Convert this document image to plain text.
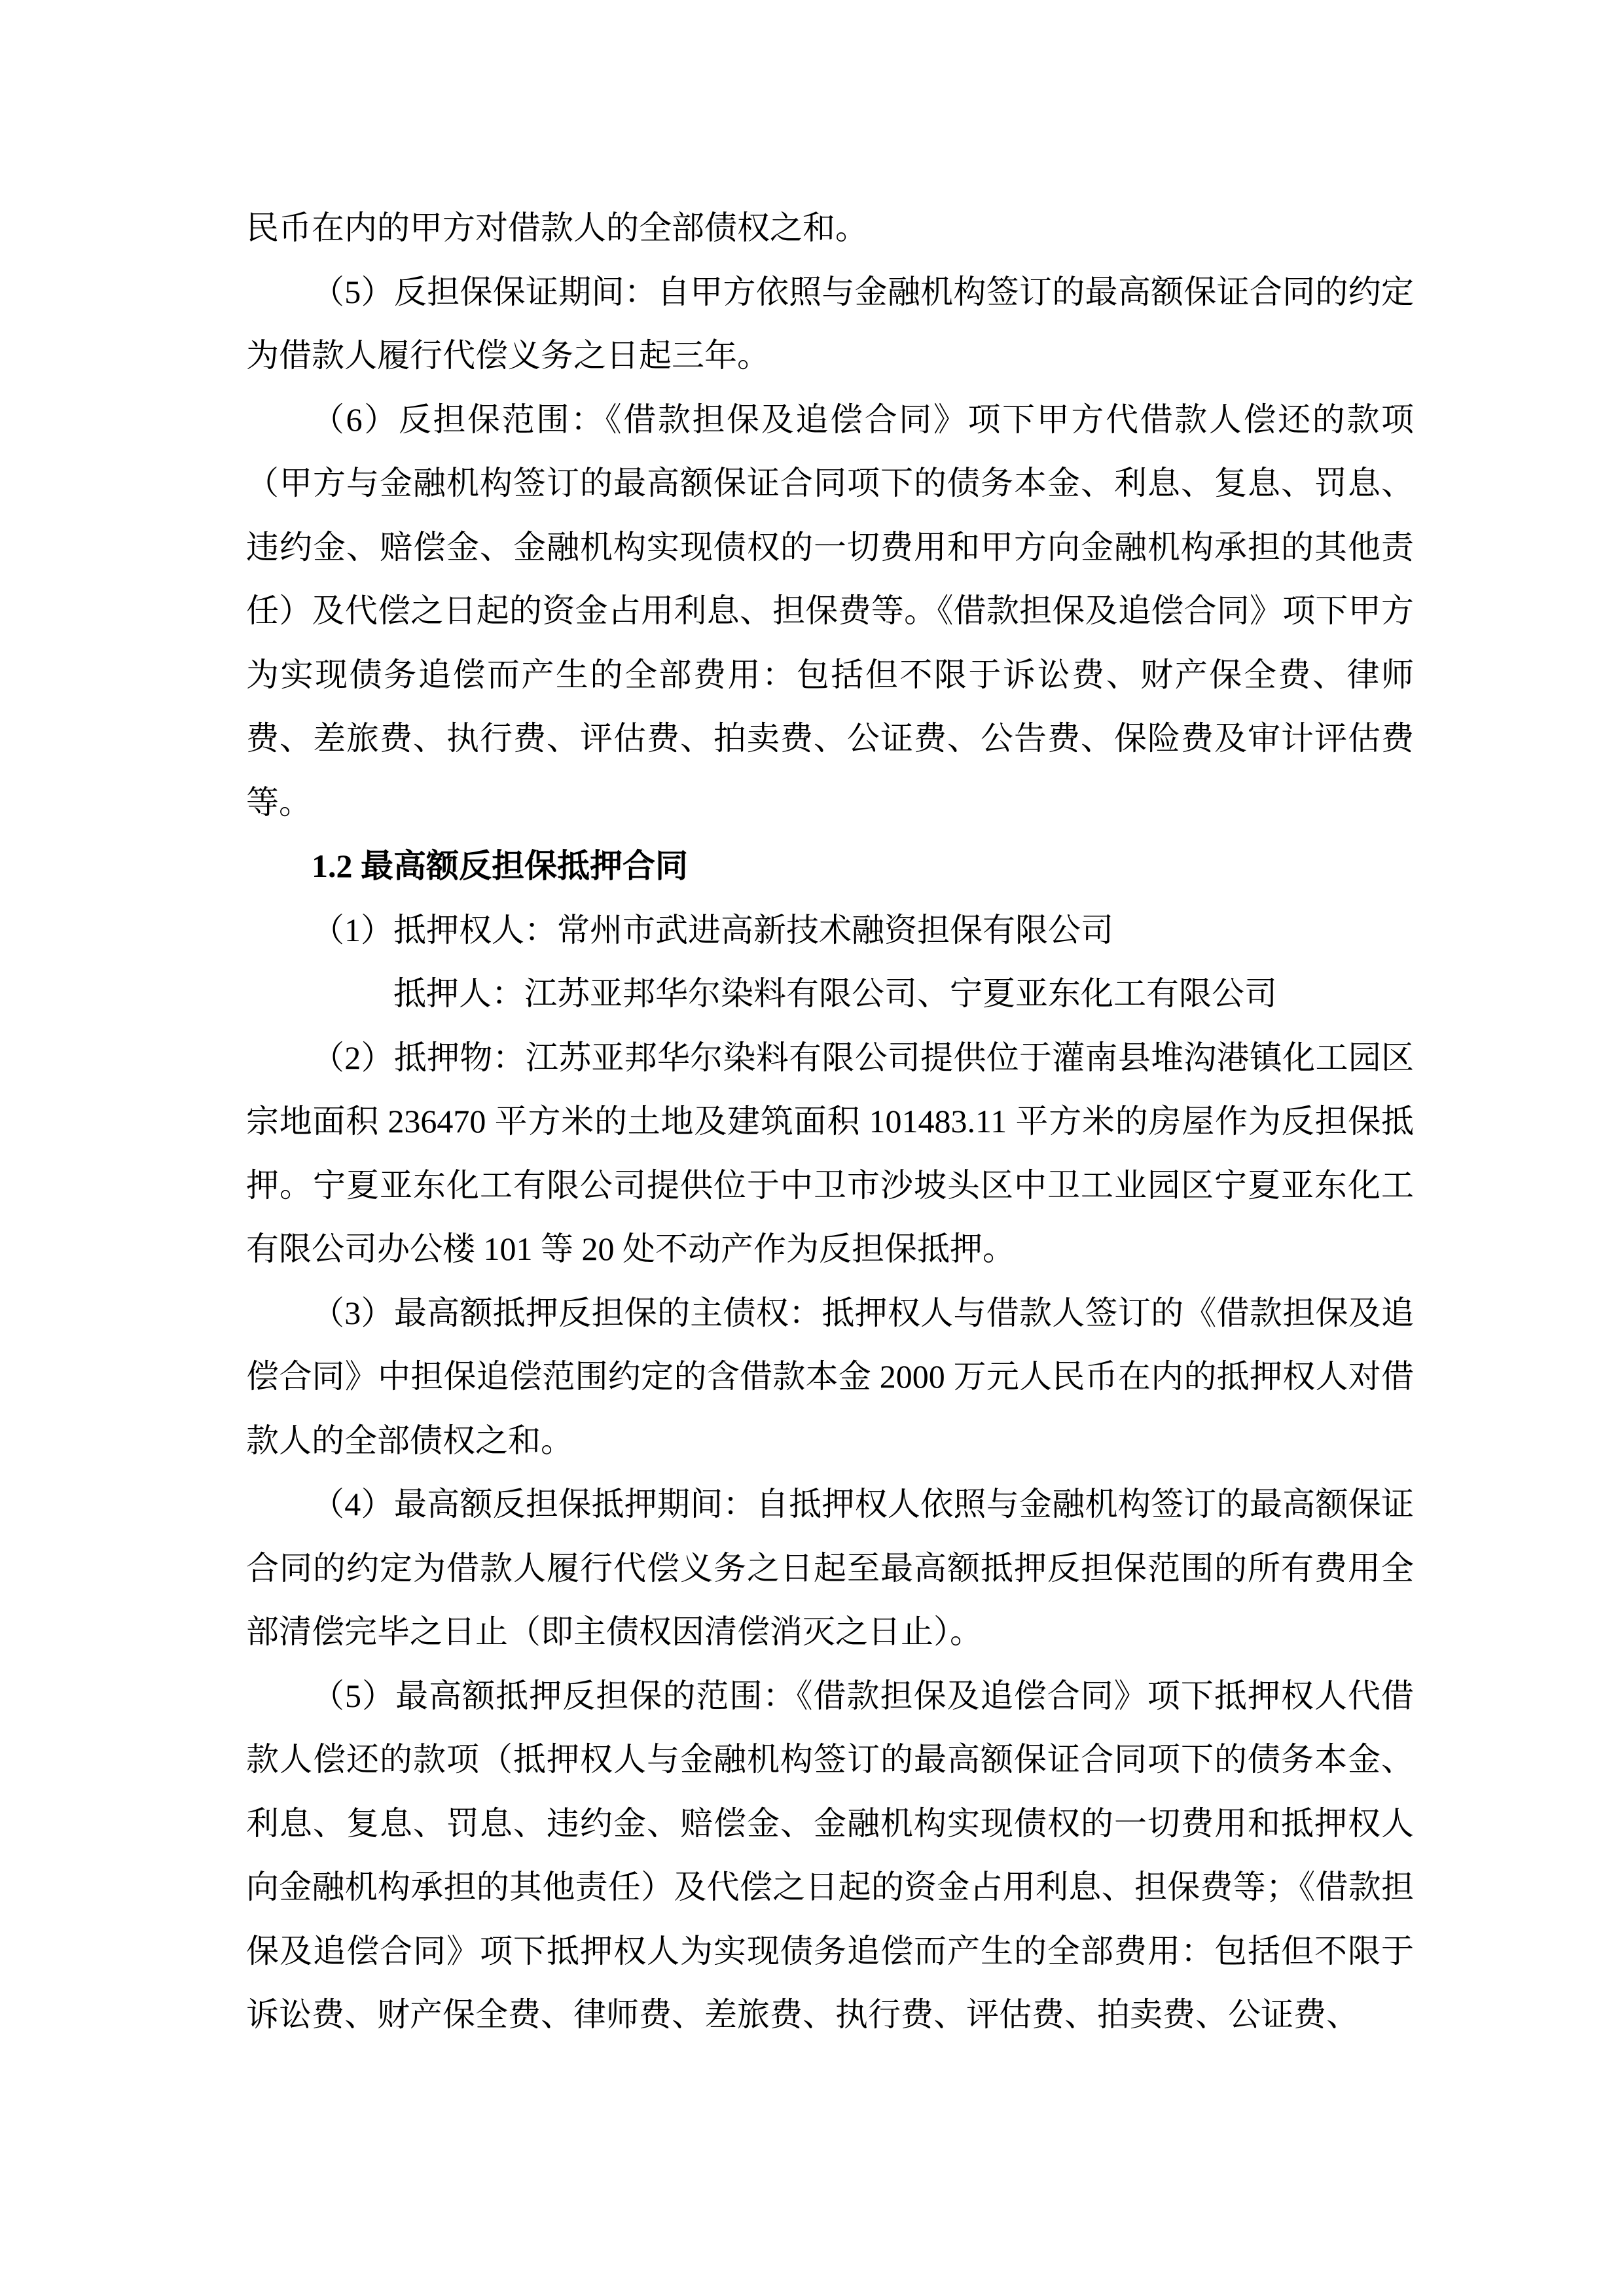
民币在内的甲方对借款人的全部债权之和。

（5）反担保保证期间：自甲方依照与金融机构签订的最高额保证合同的约定为借款人履行代偿义务之日起三年。

（6）反担保范围：《借款担保及追偿合同》项下甲方代借款人偿还的款项（甲方与金融机构签订的最高额保证合同项下的债务本金、利息、复息、罚息、违约金、赔偿金、金融机构实现债权的一切费用和甲方向金融机构承担的其他责任）及代偿之日起的资金占用利息、担保费等。《借款担保及追偿合同》项下甲方为实现债务追偿而产生的全部费用：包括但不限于诉讼费、财产保全费、律师费、差旅费、执行费、评估费、拍卖费、公证费、公告费、保险费及审计评估费等。

1.2 最高额反担保抵押合同

（1）抵押权人：常州市武进高新技术融资担保有限公司

抵押人：江苏亚邦华尔染料有限公司、宁夏亚东化工有限公司

（2）抵押物：江苏亚邦华尔染料有限公司提供位于灌南县堆沟港镇化工园区宗地面积 236470 平方米的土地及建筑面积 101483.11 平方米的房屋作为反担保抵押。宁夏亚东化工有限公司提供位于中卫市沙坡头区中卫工业园区宁夏亚东化工有限公司办公楼 101 等 20 处不动产作为反担保抵押。

（3）最高额抵押反担保的主债权：抵押权人与借款人签订的《借款担保及追偿合同》中担保追偿范围约定的含借款本金 2000 万元人民币在内的抵押权人对借款人的全部债权之和。

（4）最高额反担保抵押期间：自抵押权人依照与金融机构签订的最高额保证合同的约定为借款人履行代偿义务之日起至最高额抵押反担保范围的所有费用全部清偿完毕之日止（即主债权因清偿消灭之日止）。

（5）最高额抵押反担保的范围：《借款担保及追偿合同》项下抵押权人代借款人偿还的款项（抵押权人与金融机构签订的最高额保证合同项下的债务本金、利息、复息、罚息、违约金、赔偿金、金融机构实现债权的一切费用和抵押权人向金融机构承担的其他责任）及代偿之日起的资金占用利息、担保费等；《借款担保及追偿合同》项下抵押权人为实现债务追偿而产生的全部费用：包括但不限于诉讼费、财产保全费、律师费、差旅费、执行费、评估费、拍卖费、公证费、
